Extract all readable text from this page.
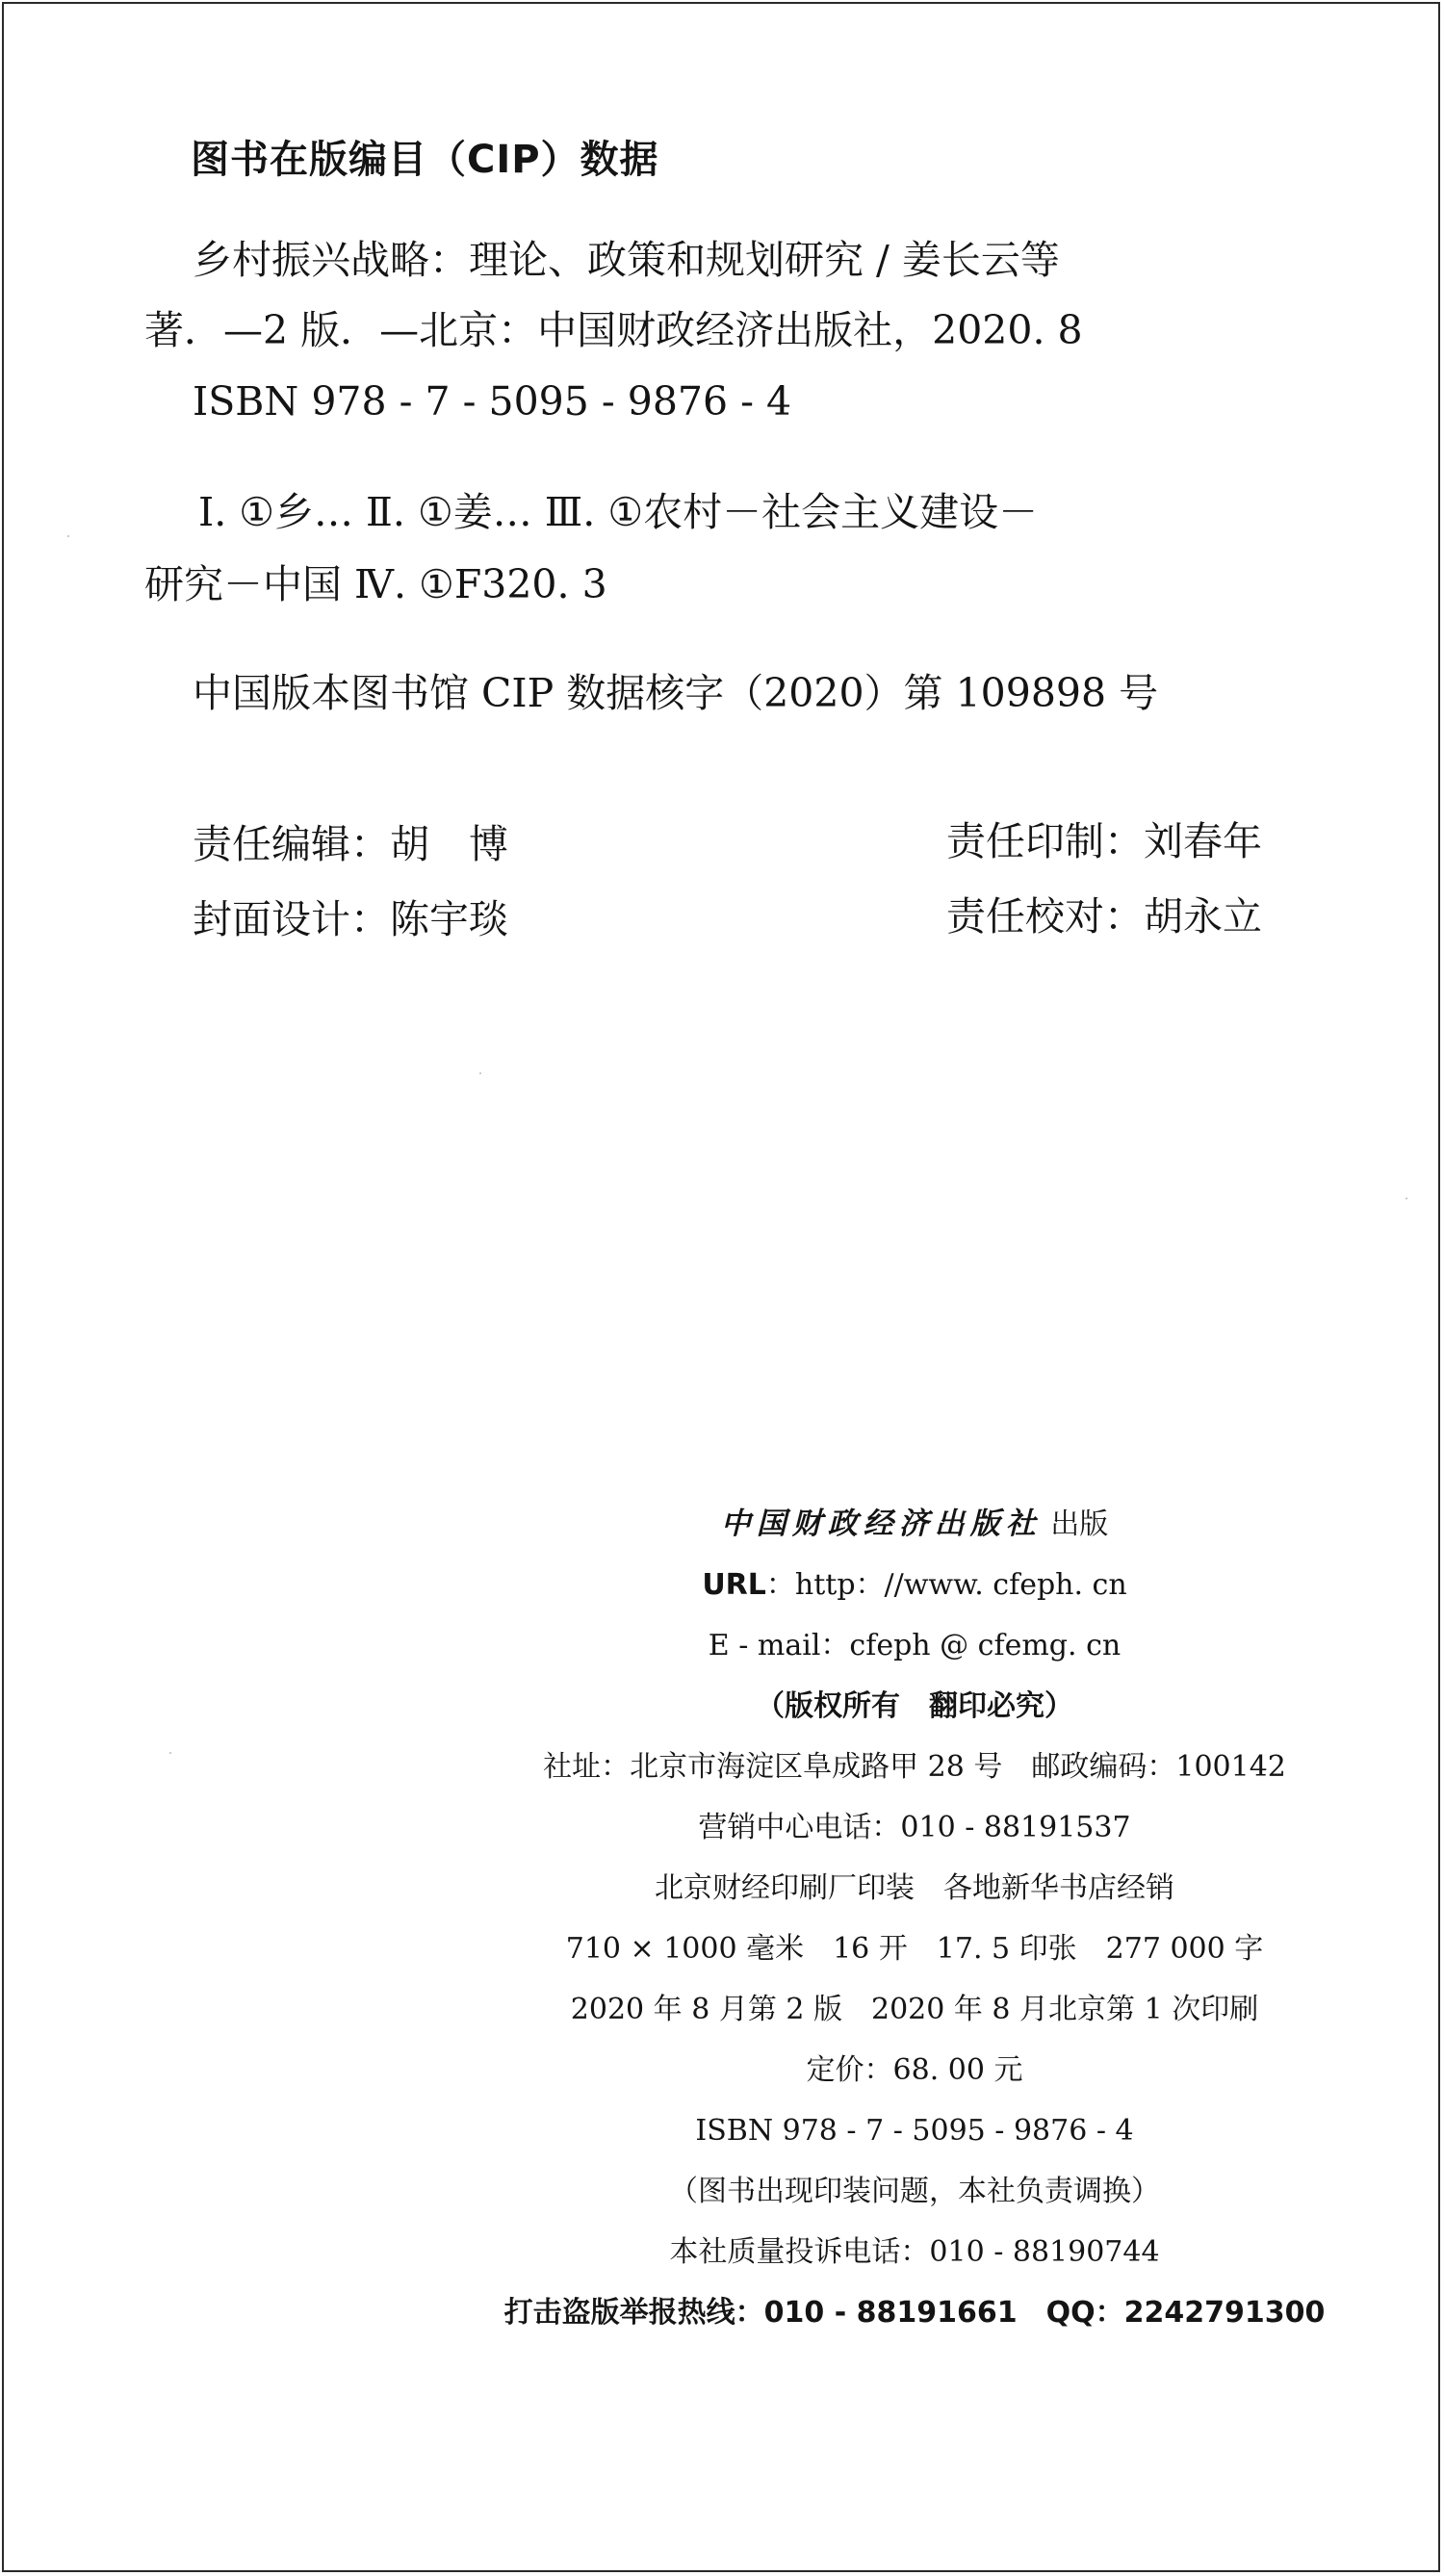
图书在版编目（CIP）数据
乡村振兴战略：理论、政策和规划研究 / 姜长云等
著．—2 版．—北京：中国财政经济出版社，2020. 8
ISBN 978 - 7 - 5095 - 9876 - 4
Ⅰ. ①乡… Ⅱ. ①姜… Ⅲ. ①农村－社会主义建设－
研究－中国 Ⅳ. ①F320. 3
中国版本图书馆 CIP 数据核字（2020）第 109898 号
责任编辑：胡　博
封面设计：陈宇琰
责任印制：刘春年
责任校对：胡永立
中国财政经济出版社 出版
URL：http：//www. cfeph. cn
E - mail：cfeph @ cfemg. cn
（版权所有　翻印必究）
社址：北京市海淀区阜成路甲 28 号　邮政编码：100142
营销中心电话：010 - 88191537
北京财经印刷厂印装　各地新华书店经销
710 × 1000 毫米　16 开　17. 5 印张　277 000 字
2020 年 8 月第 2 版　2020 年 8 月北京第 1 次印刷
定价：68. 00 元
ISBN 978 - 7 - 5095 - 9876 - 4
（图书出现印装问题，本社负责调换）
本社质量投诉电话：010 - 88190744
打击盗版举报热线：010 - 88191661　QQ：2242791300
